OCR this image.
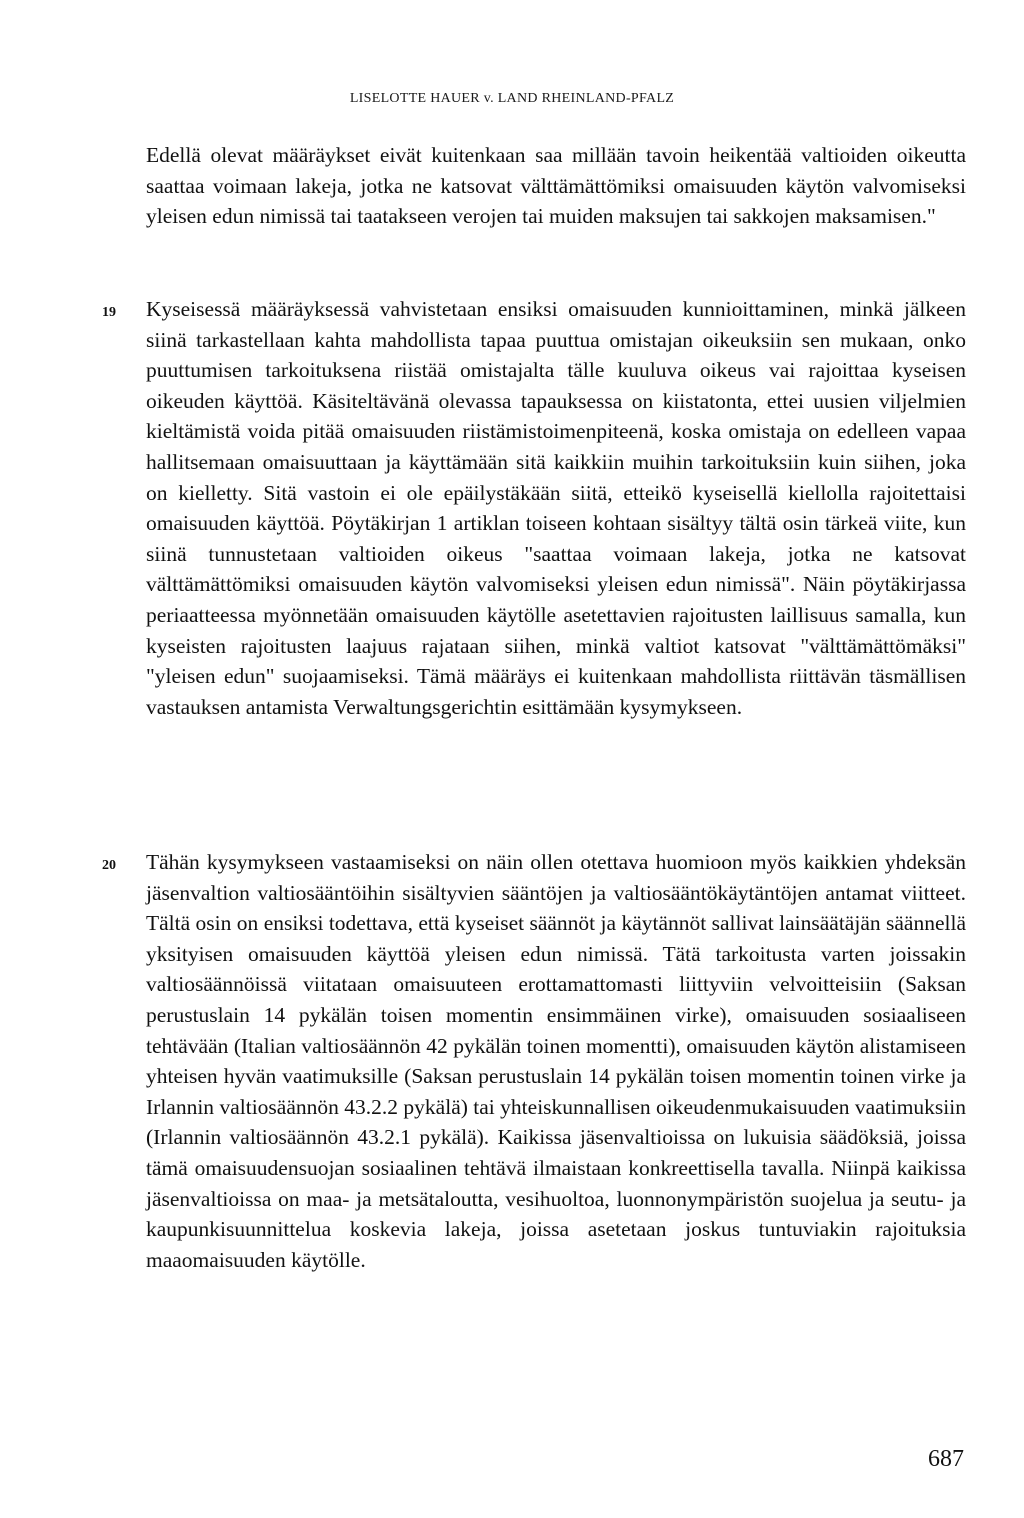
LISELOTTE HAUER v. LAND RHEINLAND-PFALZ

Edellä olevat määräykset eivät kuitenkaan saa millään tavoin heikentää valtioiden oikeutta saattaa voimaan lakeja, jotka ne katsovat välttämättömiksi omaisuuden käytön valvomiseksi yleisen edun nimissä tai taatakseen verojen tai muiden maksujen tai sakkojen maksamisen."

19 Kyseisessä määräyksessä vahvistetaan ensiksi omaisuuden kunnioittaminen, minkä jälkeen siinä tarkastellaan kahta mahdollista tapaa puuttua omistajan oikeuksiin sen mukaan, onko puuttumisen tarkoituksena riistää omistajalta tälle kuuluva oikeus vai rajoittaa kyseisen oikeuden käyttöä. Käsiteltävänä olevassa tapauksessa on kiistatonta, ettei uusien viljelmien kieltämistä voida pitää omaisuuden riistämistoimenpiteenä, koska omistaja on edelleen vapaa hallitsemaan omaisuuttaan ja käyttämään sitä kaikkiin muihin tarkoituksiin kuin siihen, joka on kielletty. Sitä vastoin ei ole epäilystäkään siitä, etteikö kyseisellä kiellolla rajoitettaisi omaisuuden käyttöä. Pöytäkirjan 1 artiklan toiseen kohtaan sisältyy tältä osin tärkeä viite, kun siinä tunnustetaan valtioiden oikeus "saattaa voimaan lakeja, jotka ne katsovat välttämättömiksi omaisuuden käytön valvomiseksi yleisen edun nimissä". Näin pöytäkirjassa periaatteessa myönnetään omaisuuden käytölle asetettavien rajoitusten laillisuus samalla, kun kyseisten rajoitusten laajuus rajataan siihen, minkä valtiot katsovat "välttämättömäksi" "yleisen edun" suojaamiseksi. Tämä määräys ei kuitenkaan mahdollista riittävän täsmällisen vastauksen antamista Verwaltungsgerichtin esittämään kysymykseen.

20 Tähän kysymykseen vastaamiseksi on näin ollen otettava huomioon myös kaikkien yhdeksän jäsenvaltion valtiosääntöihin sisältyvien sääntöjen ja valtiosääntökäytäntöjen antamat viitteet. Tältä osin on ensiksi todettava, että kyseiset säännöt ja käytännöt sallivat lainsäätäjän säännellä yksityisen omaisuuden käyttöä yleisen edun nimissä. Tätä tarkoitusta varten joissakin valtiosäännöissä viitataan omaisuuteen erottamattomasti liittyviin velvoitteisiin (Saksan perustuslain 14 pykälän toisen momentin ensimmäinen virke), omaisuuden sosiaaliseen tehtävään (Italian valtiosäännön 42 pykälän toinen momentti), omaisuuden käytön alistamiseen yhteisen hyvän vaatimuksille (Saksan perustuslain 14 pykälän toisen momentin toinen virke ja Irlannin valtiosäännön 43.2.2 pykälä) tai yhteiskunnallisen oikeudenmukaisuuden vaatimuksiin (Irlannin valtiosäännön 43.2.1 pykälä). Kaikissa jäsenvaltioissa on lukuisia säädöksiä, joissa tämä omaisuudensuojan sosiaalinen tehtävä ilmaistaan konkreettisella tavalla. Niinpä kaikissa jäsenvaltioissa on maa- ja metsätaloutta, vesihuoltoa, luonnonympäristön suojelua ja seutu- ja kaupunkisuunnittelua koskevia lakeja, joissa asetetaan joskus tuntuviakin rajoituksia maaomaisuuden käytölle.

687
